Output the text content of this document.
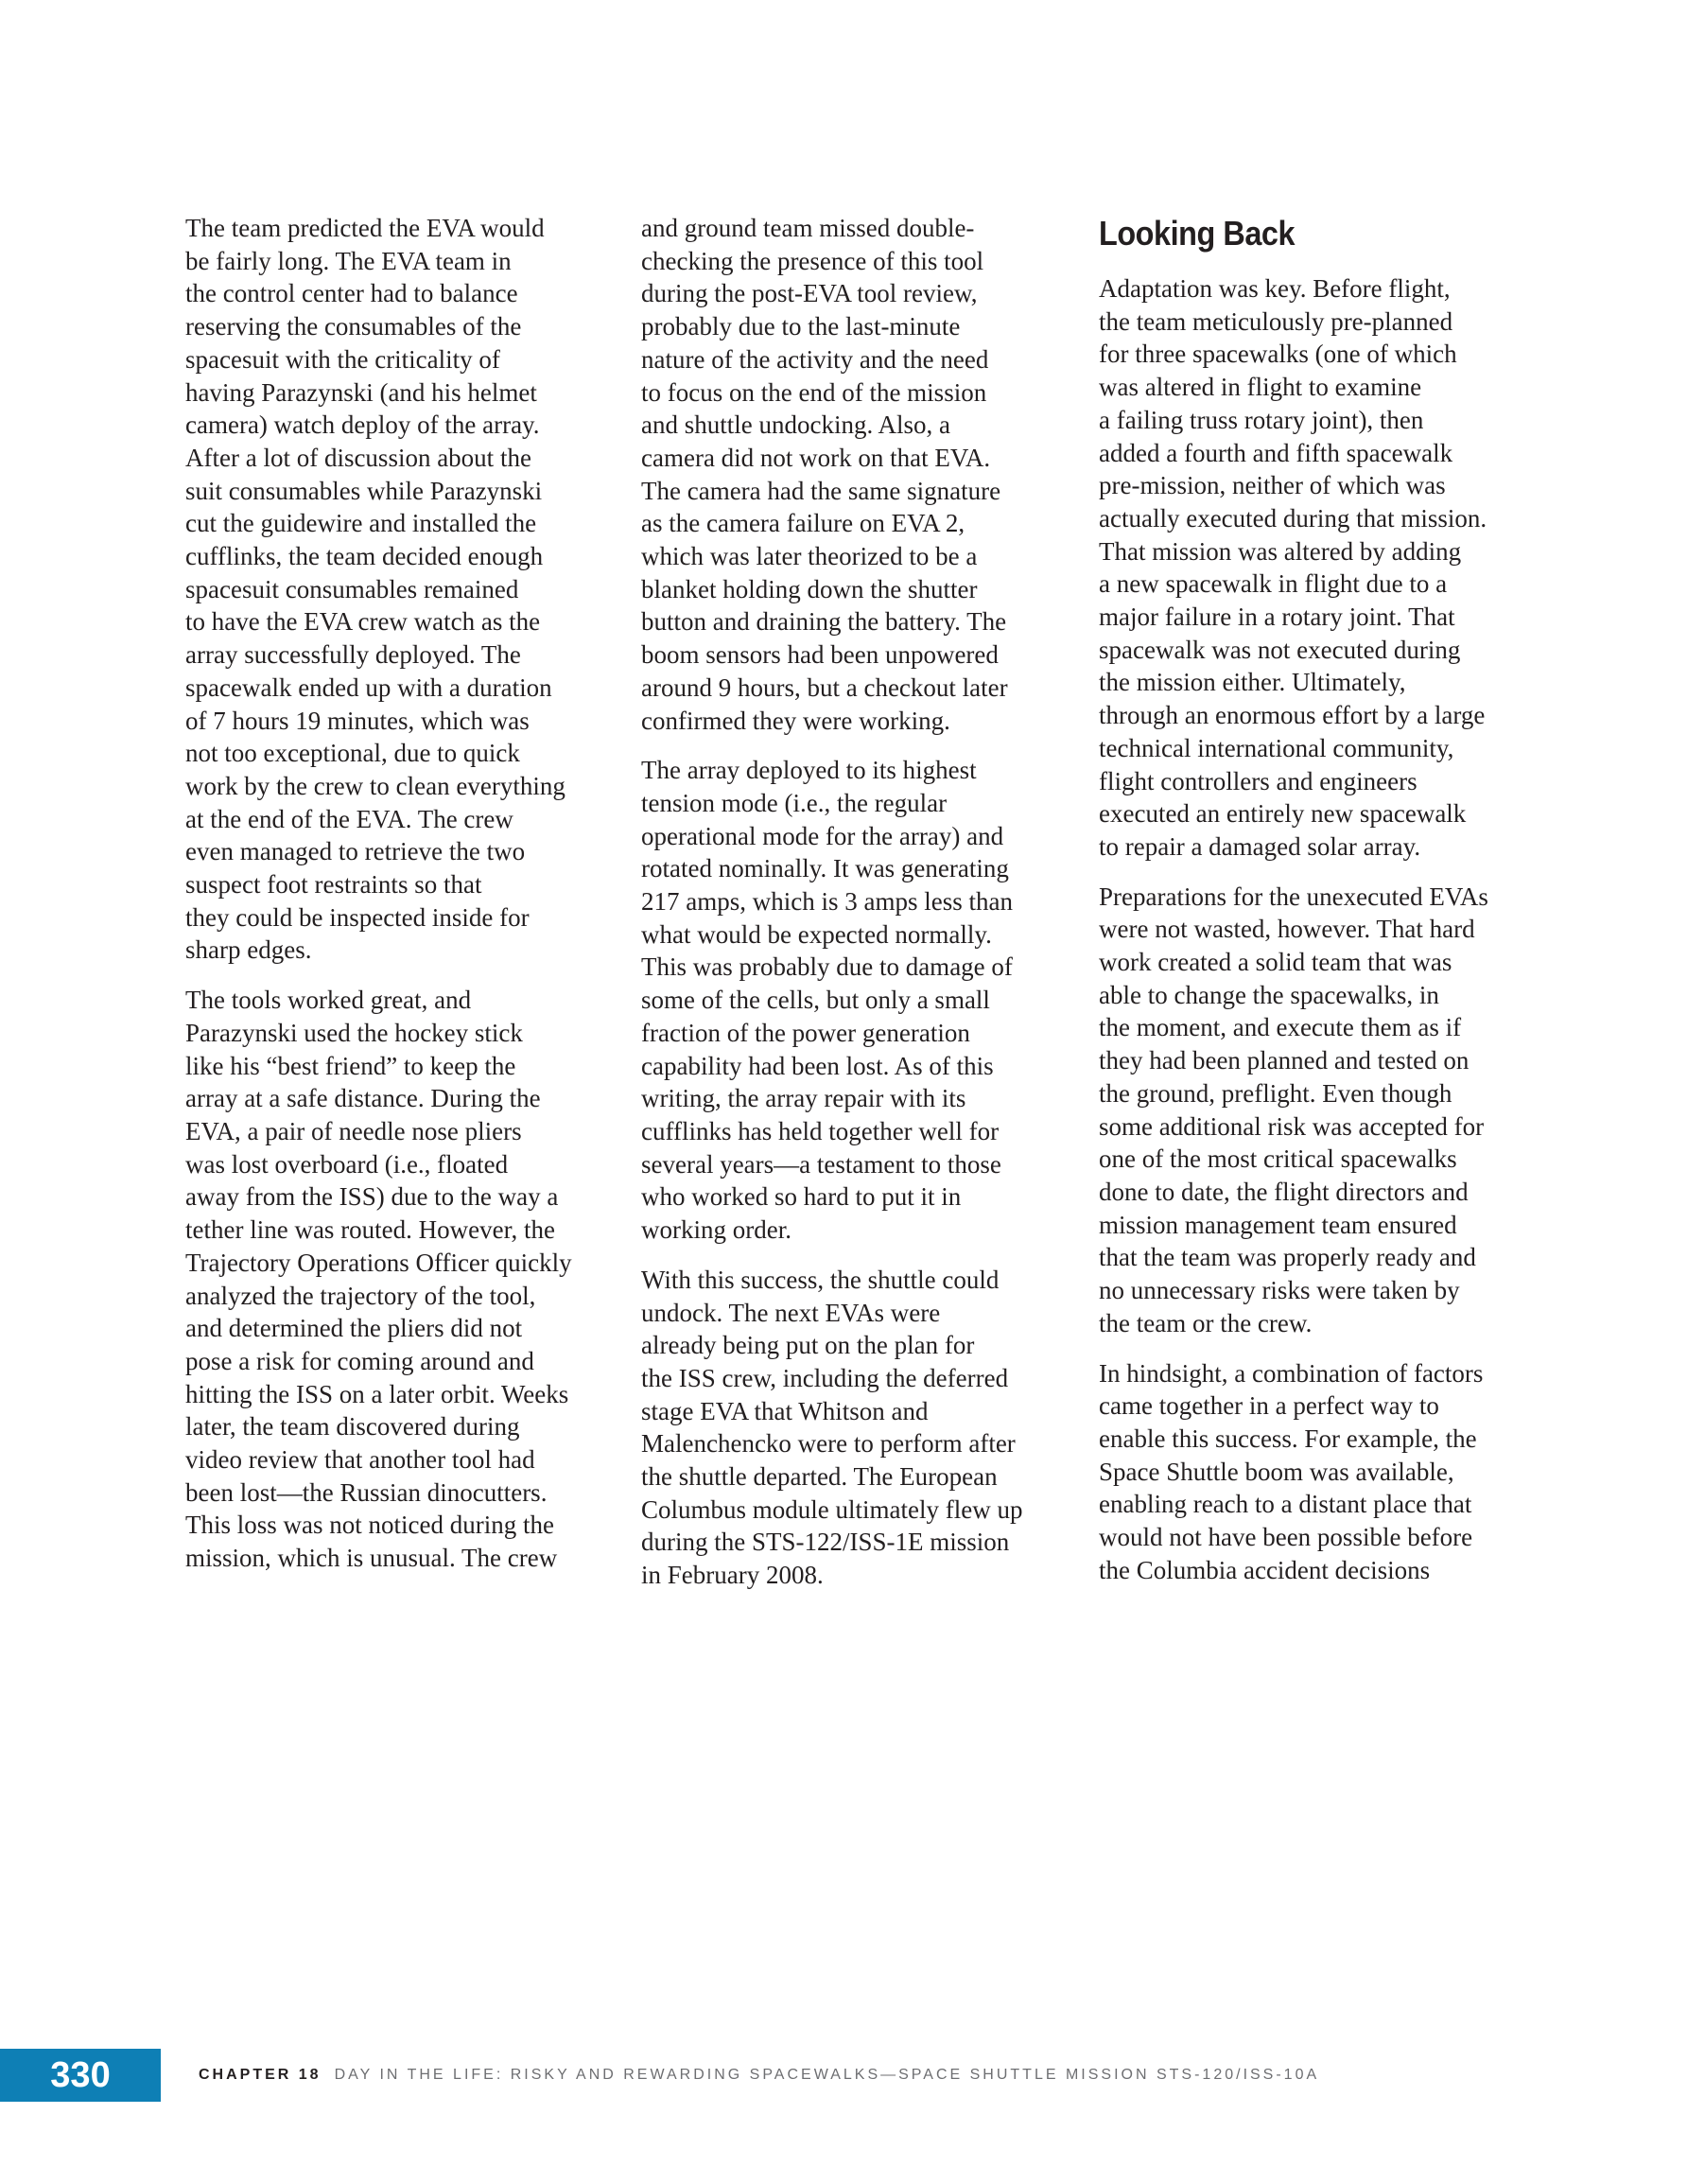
The team predicted the EVA would
be fairly long. The EVA team in
the control center had to balance
reserving the consumables of the
spacesuit with the criticality of
having Parazynski (and his helmet
camera) watch deploy of the array.
After a lot of discussion about the
suit consumables while Parazynski
cut the guidewire and installed the
cufflinks, the team decided enough
spacesuit consumables remained
to have the EVA crew watch as the
array successfully deployed. The
spacewalk ended up with a duration
of 7 hours 19 minutes, which was
not too exceptional, due to quick
work by the crew to clean everything
at the end of the EVA. The crew
even managed to retrieve the two
suspect foot restraints so that
they could be inspected inside for
sharp edges.

The tools worked great, and
Parazynski used the hockey stick
like his “best friend” to keep the
array at a safe distance. During the
EVA, a pair of needle nose pliers
was lost overboard (i.e., floated
away from the ISS) due to the way a
tether line was routed. However, the
Trajectory Operations Officer quickly
analyzed the trajectory of the tool,
and determined the pliers did not
pose a risk for coming around and
hitting the ISS on a later orbit. Weeks
later, the team discovered during
video review that another tool had
been lost—the Russian dinocutters.
This loss was not noticed during the
mission, which is unusual. The crew

and ground team missed double-
checking the presence of this tool
during the post-EVA tool review,
probably due to the last-minute
nature of the activity and the need
to focus on the end of the mission
and shuttle undocking. Also, a
camera did not work on that EVA.
The camera had the same signature
as the camera failure on EVA 2,
which was later theorized to be a
blanket holding down the shutter
button and draining the battery. The
boom sensors had been unpowered
around 9 hours, but a checkout later
confirmed they were working.

The array deployed to its highest
tension mode (i.e., the regular
operational mode for the array) and
rotated nominally. It was generating
217 amps, which is 3 amps less than
what would be expected normally.
This was probably due to damage of
some of the cells, but only a small
fraction of the power generation
capability had been lost. As of this
writing, the array repair with its
cufflinks has held together well for
several years—a testament to those
who worked so hard to put it in
working order.

With this success, the shuttle could
undock. The next EVAs were
already being put on the plan for
the ISS crew, including the deferred
stage EVA that Whitson and
Malenchencko were to perform after
the shuttle departed. The European
Columbus module ultimately flew up
during the STS-122/ISS-1E mission
in February 2008.

Looking Back

Adaptation was key. Before flight,
the team meticulously pre-planned
for three spacewalks (one of which
was altered in flight to examine
a failing truss rotary joint), then
added a fourth and fifth spacewalk
pre-mission, neither of which was
actually executed during that mission.
That mission was altered by adding
a new spacewalk in flight due to a
major failure in a rotary joint. That
spacewalk was not executed during
the mission either. Ultimately,
through an enormous effort by a large
technical international community,
flight controllers and engineers
executed an entirely new spacewalk
to repair a damaged solar array.

Preparations for the unexecuted EVAs
were not wasted, however. That hard
work created a solid team that was
able to change the spacewalks, in
the moment, and execute them as if
they had been planned and tested on
the ground, preflight. Even though
some additional risk was accepted for
one of the most critical spacewalks
done to date, the flight directors and
mission management team ensured
that the team was properly ready and
no unnecessary risks were taken by
the team or the crew.

In hindsight, a combination of factors
came together in a perfect way to
enable this success. For example, the
Space Shuttle boom was available,
enabling reach to a distant place that
would not have been possible before
the Columbia accident decisions

330	CHAPTER 18 DAY IN THE LIFE: RISKY AND REWARDING SPACEWALKS—SPACE SHUTTLE MISSION STS-120/ISS-10A
